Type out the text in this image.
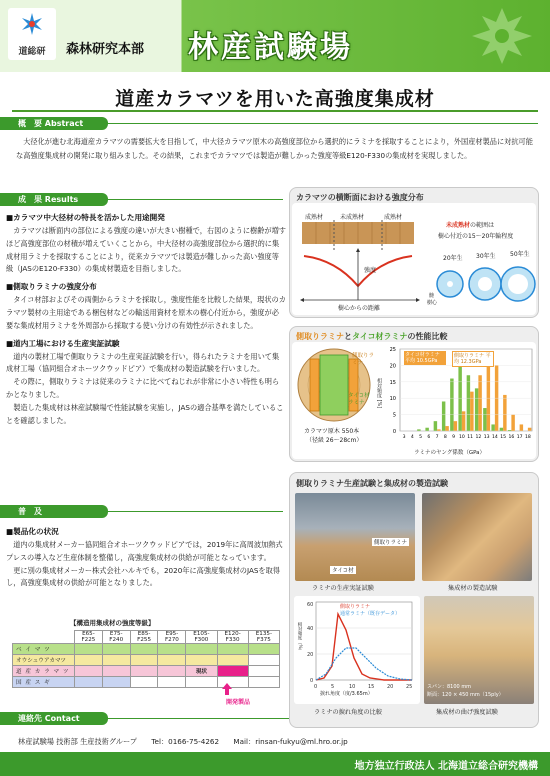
道総研	森林研究本部 林産試験場
道産カラマツを用いた高強度集成材
概　要 Abstract

大径化が進む北海道産カラマツの需要拡大を目指して，中大径カラマツ原木の高強度部位から選択的にラミナを採取することにより，外国産材製品に対抗可能な高強度集成材の開発に取り組みました。その結果，これまでカラマツでは製造が難しかった強度等級E120-F330の集成材を実現しました。

成　果 Results
■カラマツ中大径材の特長を活かした用途開発

カラマツは断面内の部位による強度の違いが大きい樹種で，右図のように樹齢が増すほど高強度部位の材積が増えていくことから，中大径材の高強度部位から選択的に集成材用ラミナを採取することにより，従来カラマツでは製造が難しかった高い強度等級（JASのE120-F330）の集成材製造を目指しました。

■側取りラミナの強度分布

タイコ材部およびその両側からラミナを採取し，強度性能を比較した結果，現状のカラマツ製材の主用途である梱包材などの輸送用資材を原木の樹心付近から，強度が必要な集成材用ラミナを外周部から採取する使い分けの有効性が示されました。

■道内工場における生産実証試験

道内の製材工場で側取りラミナの生産実証試験を行い，得られたラミナを用いて集成材工場（協同組合オホーツクウッドピア）で集成材の製造試験を行いました。

その際に，側取りラミナは従来のラミナに比べてねじれが非常に小さい特性も明らかとなりました。

製造した集成材は林産試験場で性能試験を実施し，JASの適合基準を満たしていることを確認しました。

普　及 Dissemination
■製品化の状況

道内の集成材メーカー協同組合オホーツクウッドピアでは，2019年に高周波加熱式プレスの導入など生産体制を整備し，高強度集成材の供給が可能となっています。

更に別の集成材メーカー株式会社ハルキでも，2020年に高強度集成材のJASを取得し，高強度集成材の供給が可能となりました。

【構造用集成材の強度等級】
	E65-F225	E75-F240	E85-F255	E95-F270	E105-F300	E120-F330	E135-F375
ベ イ マ ツ							
オウシュウアカマツ							
道 産 カ ラ マ ツ					現状		
国 産 ス ギ							
開発製品
連絡先 Contact
林産試験場 技術部 生産技術グループ　　Tel：0166-75-4262　　Mail：rinsan-fukyu@ml.hro.or.jp
地方独立行政法人 北海道立総合研究機構
カラマツの横断面における強度分布
成熟材	未成熟材	成熟材
強度
樹心からの距離
未成熟材の範囲は
樹心付近の15～20年輪程度
20年生 30年生 50年生
髄
樹心
側取りラミナとタイコ材ラミナの性能比較
側取りラミナ
タイコ材ラミナ
カラマツ原木 550本
（径級 26～28cm）
0
5
10
15
20
25
3 4 5 6 7 8 9 10 11 12 13 14 15 16 17 18
タイコ材ラミナ 平均 10.5GPa
側取りラミナ 平均 12.3GPa
相対頻度 [%]
ラミナのヤング係数（GPa）
側取りラミナ生産試験と集成材の製造試験
タイコ材
側取りラミナ
ラミナの生産実証試験	集成材の製造試験
0	5	10	15	20	25
0
20
40
60	側取りラミナ
通常ラミナ（既存データ）
相対頻度（%）
捩れ角度（度/3.65m）
ラミナの捩れ角度の比較
スパン：8100 mm
断面：120 × 450 mm（15ply）
集成材の曲げ強度試験
